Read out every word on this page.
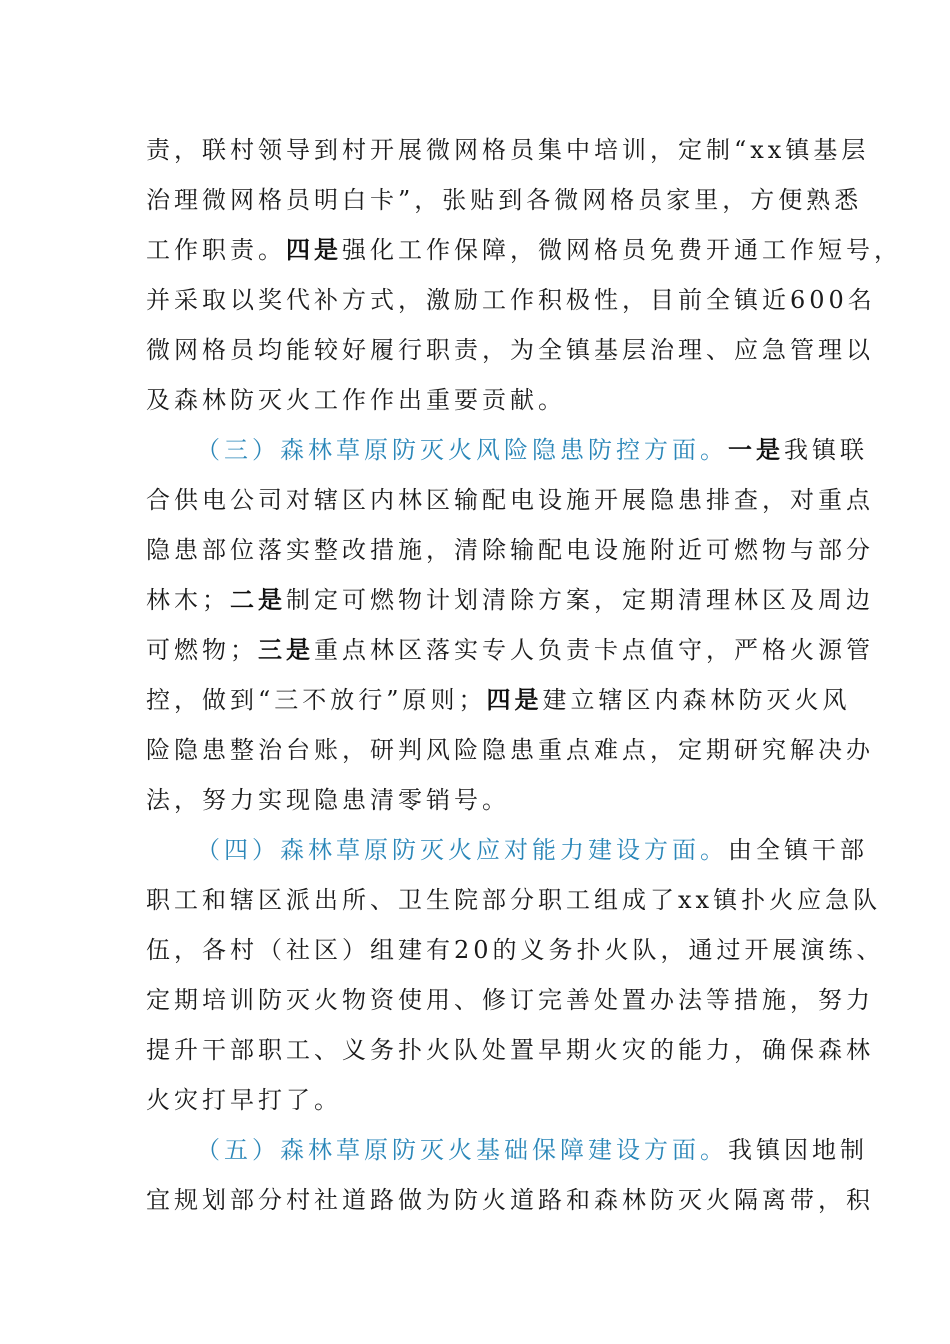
责，联村领导到村开展微网格员集中培训，定制“xx镇基层
治理微网格员明白卡”，张贴到各微网格员家里，方便熟悉
工作职责。四是强化工作保障，微网格员免费开通工作短号，
并采取以奖代补方式，激励工作积极性，目前全镇近600名
微网格员均能较好履行职责，为全镇基层治理、应急管理以
及森林防灭火工作作出重要贡献。
（三）森林草原防灭火风险隐患防控方面。一是我镇联
合供电公司对辖区内林区输配电设施开展隐患排查，对重点
隐患部位落实整改措施，清除输配电设施附近可燃物与部分
林木；二是制定可燃物计划清除方案，定期清理林区及周边
可燃物；三是重点林区落实专人负责卡点值守，严格火源管
控，做到“三不放行”原则；四是建立辖区内森林防灭火风
险隐患整治台账，研判风险隐患重点难点，定期研究解决办
法，努力实现隐患清零销号。
（四）森林草原防灭火应对能力建设方面。由全镇干部
职工和辖区派出所、卫生院部分职工组成了xx镇扑火应急队
伍，各村（社区）组建有20的义务扑火队，通过开展演练、
定期培训防灭火物资使用、修订完善处置办法等措施，努力
提升干部职工、义务扑火队处置早期火灾的能力，确保森林
火灾打早打了。
（五）森林草原防灭火基础保障建设方面。我镇因地制
宜规划部分村社道路做为防火道路和森林防灭火隔离带，积
